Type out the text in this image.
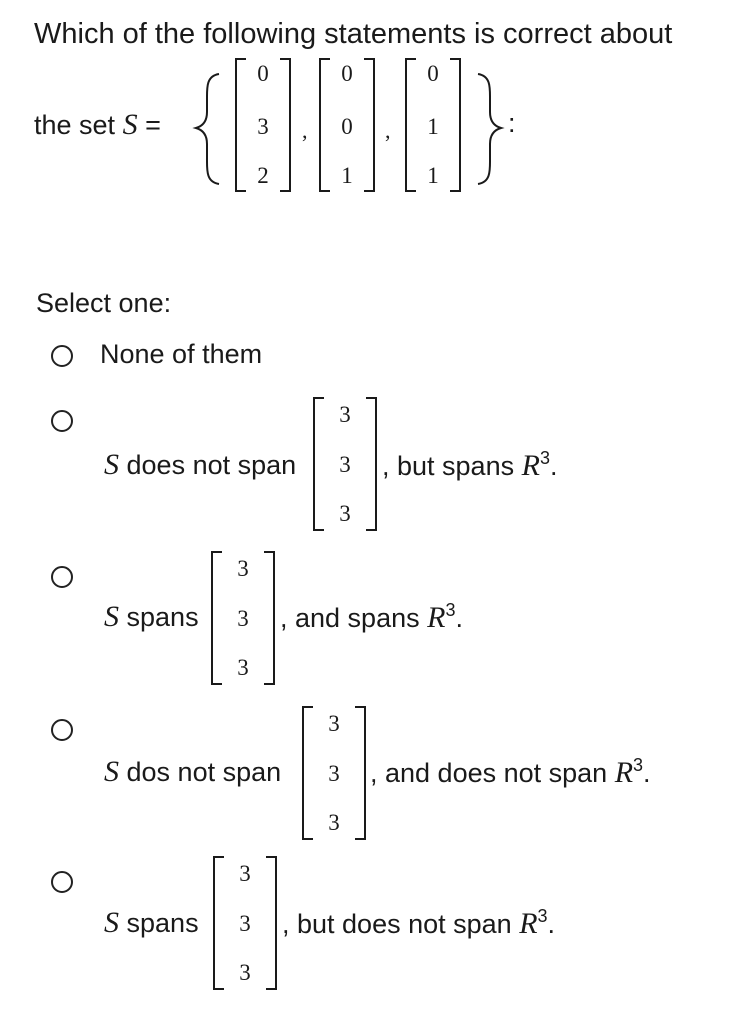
Which of the following statements is correct about
the set S =	,	,
0
3
2
0
0
1
0
1
1
:
Select one:
None of them
S does not span
3
3
3
, but spans $R^3$.
S spans
3
3
3
, and spans $R^3$.
S dos not span
3
3
3
, and does not span $R^3$.
S spans
3
3
3
, but does not span $R^3$.
